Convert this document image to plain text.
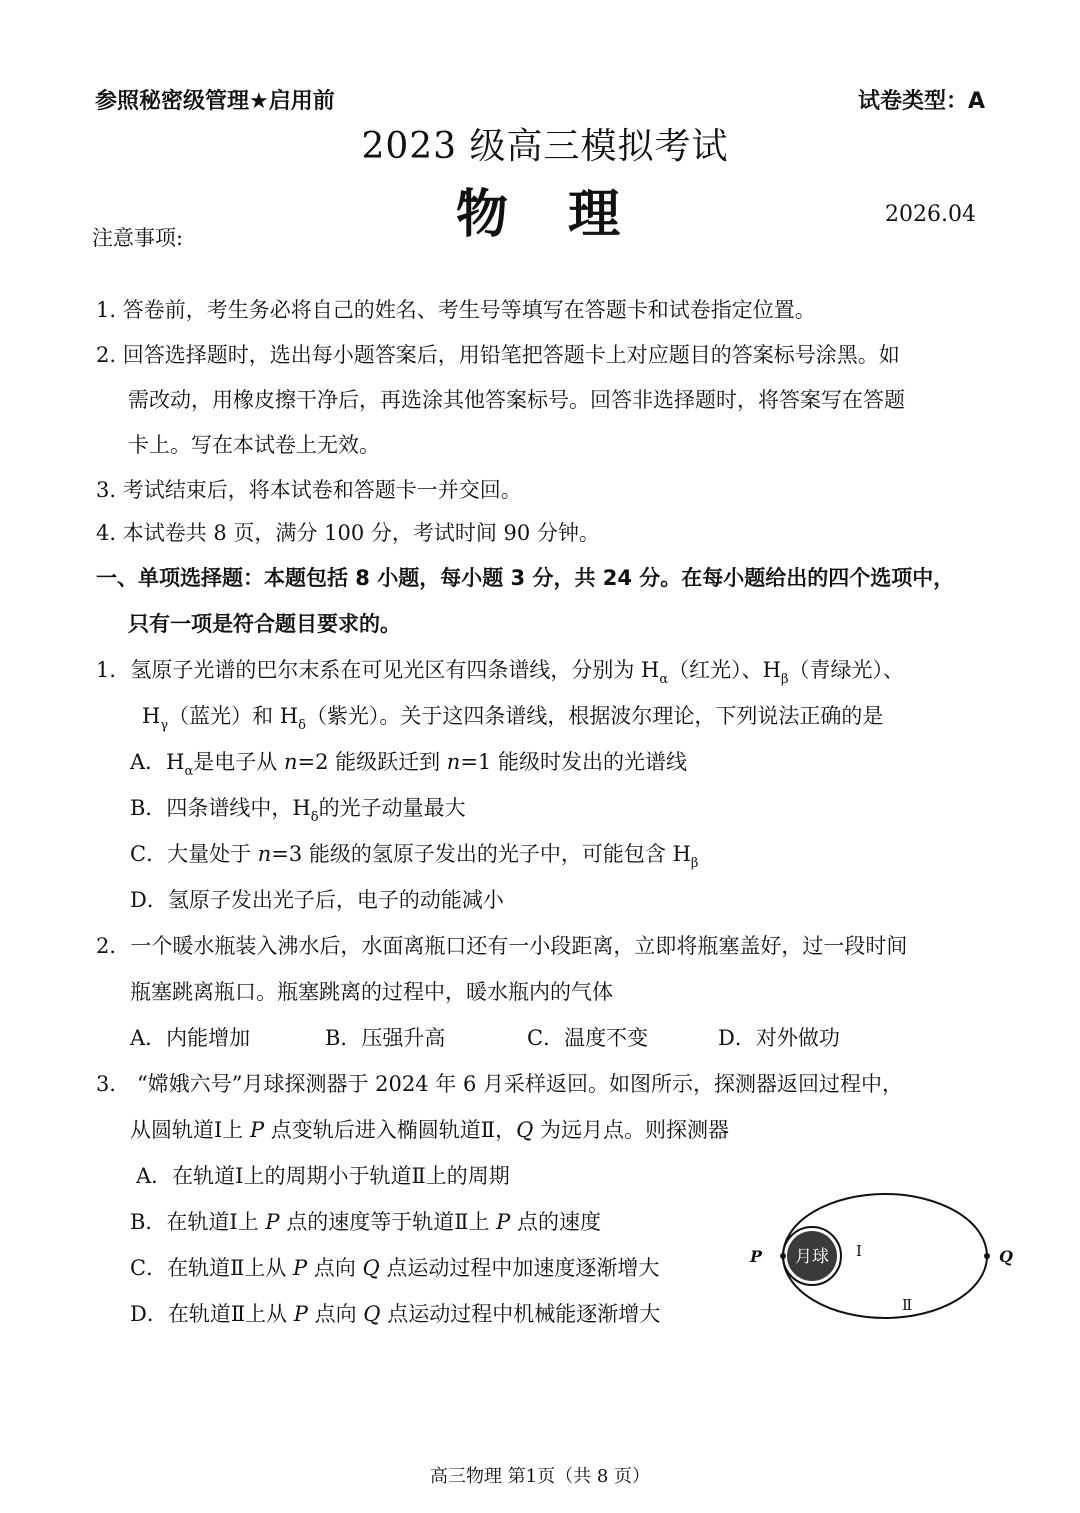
参照秘密级管理★启用前	试卷类型：A
2023 级高三模拟考试
物理	2026.04
注意事项:
1. 答卷前，考生务必将自己的姓名、考生号等填写在答题卡和试卷指定位置。
2. 回答选择题时，选出每小题答案后，用铅笔把答题卡上对应题目的答案标号涂黑。如
需改动，用橡皮擦干净后，再选涂其他答案标号。回答非选择题时，将答案写在答题
卡上。写在本试卷上无效。
3. 考试结束后，将本试卷和答题卡一并交回。
4. 本试卷共 8 页，满分 100 分，考试时间 90 分钟。
一、单项选择题：本题包括 8 小题，每小题 3 分，共 24 分。在每小题给出的四个选项中，
只有一项是符合题目要求的。
1．氢原子光谱的巴尔末系在可见光区有四条谱线，分别为 $H_\alpha$（红光）、$H_\beta$（青绿光）、
$H_\gamma$（蓝光）和 $H_\delta$（紫光）。关于这四条谱线，根据波尔理论，下列说法正确的是
A．$H_\alpha$是电子从 n=2 能级跃迁到 n=1 能级时发出的光谱线
B．四条谱线中，$H_\delta$的光子动量最大
C．大量处于 n=3 能级的氢原子发出的光子中，可能包含 $H_\beta$
D．氢原子发出光子后，电子的动能减小
2．一个暖水瓶装入沸水后，水面离瓶口还有一小段距离，立即将瓶塞盖好，过一段时间
瓶塞跳离瓶口。瓶塞跳离的过程中，暖水瓶内的气体
A．内能增加	B．压强升高	C．温度不变	D．对外做功
3． “嫦娥六号”月球探测器于 2024 年 6 月采样返回。如图所示，探测器返回过程中，
从圆轨道Ⅰ上 P 点变轨后进入椭圆轨道Ⅱ，Q 为远月点。则探测器
A．在轨道Ⅰ上的周期小于轨道Ⅱ上的周期
B．在轨道Ⅰ上 P 点的速度等于轨道Ⅱ上 P 点的速度
C．在轨道Ⅱ上从 P 点向 Q 点运动过程中加速度逐渐增大
D．在轨道Ⅱ上从 P 点向 Q 点运动过程中机械能逐渐增大
月球
P	Q
Ⅰ
Ⅱ
高三物理 第1页（共 8 页）
